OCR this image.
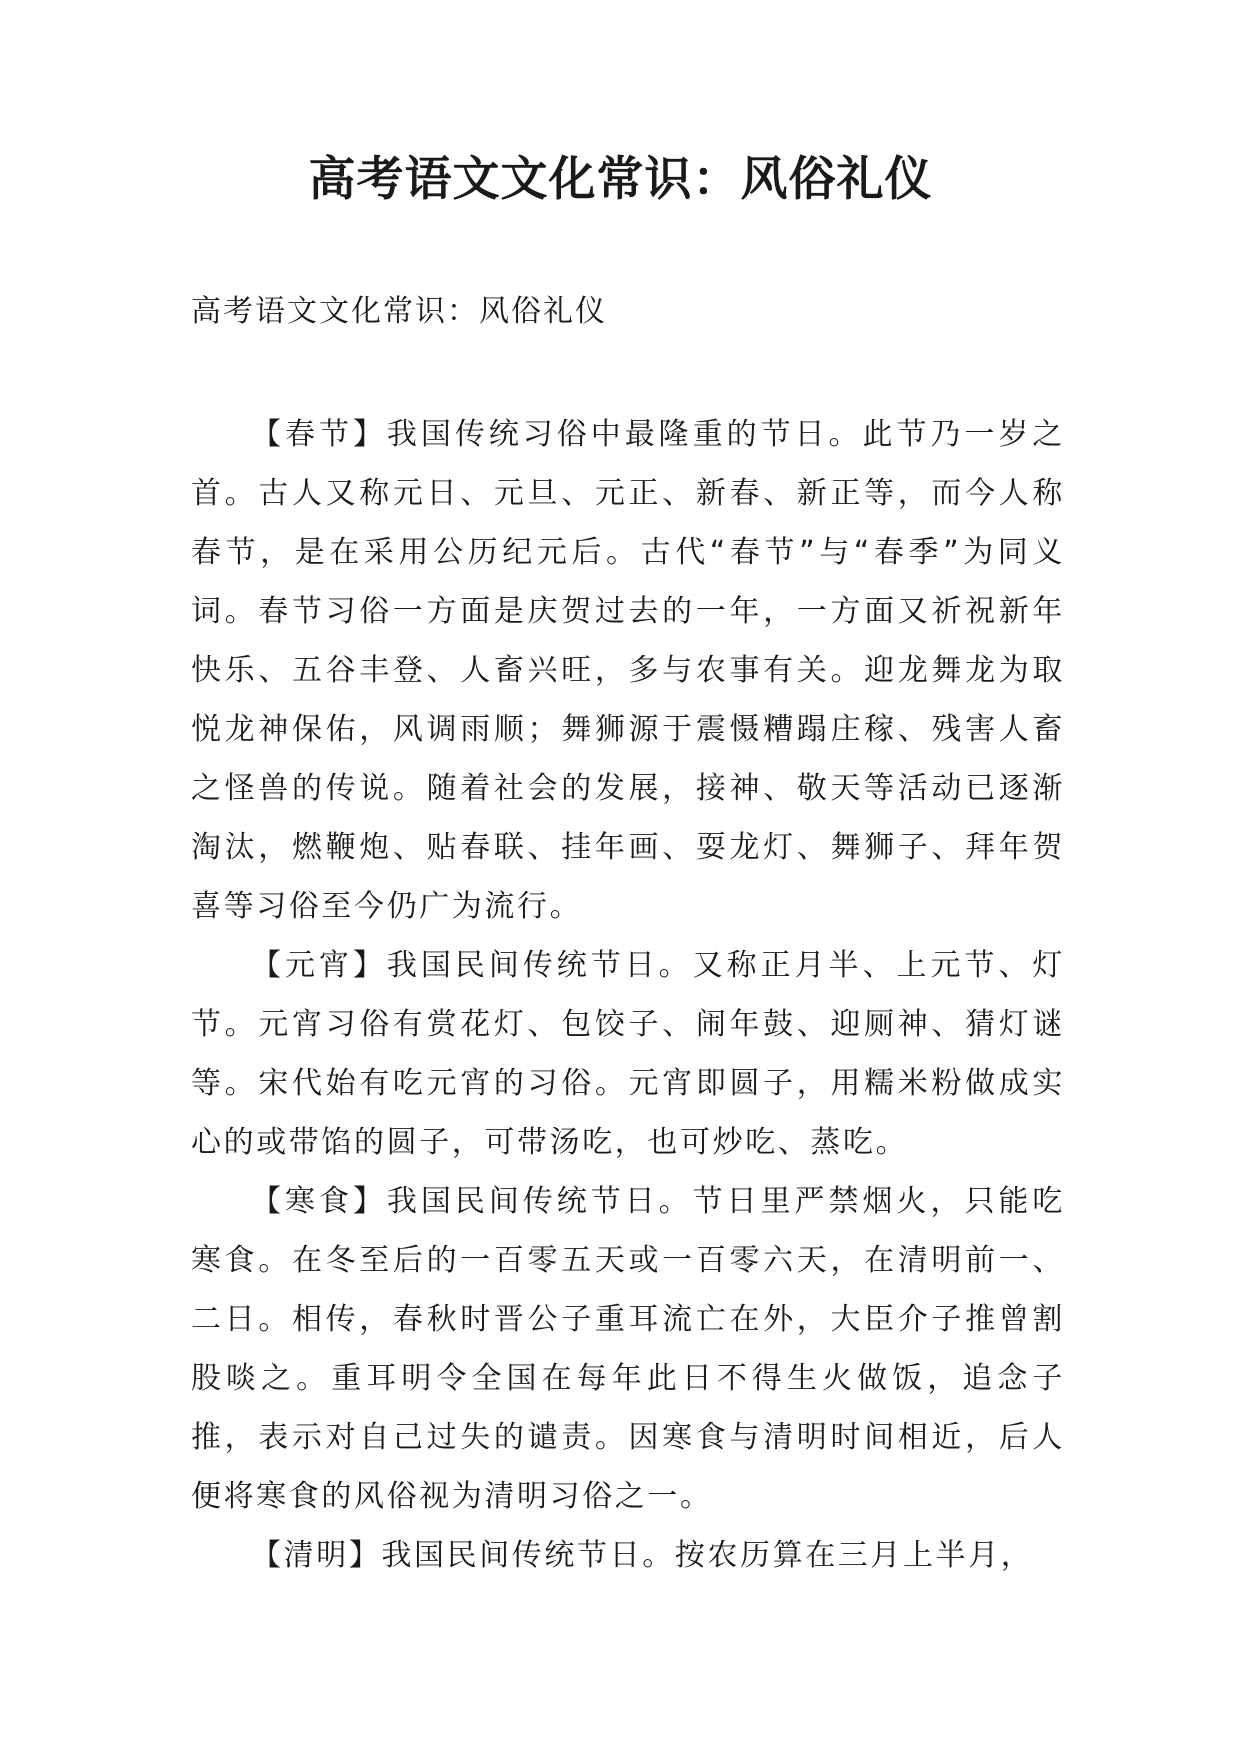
高考语文文化常识：风俗礼仪

高考语文文化常识：风俗礼仪

【春节】我国传统习俗中最隆重的节日。此节乃一岁之首。古人又称元日、元旦、元正、新春、新正等，而今人称春节，是在采用公历纪元后。古代“春节”与“春季”为同义词。春节习俗一方面是庆贺过去的一年，一方面又祈祝新年快乐、五谷丰登、人畜兴旺，多与农事有关。迎龙舞龙为取悦龙神保佑，风调雨顺；舞狮源于震慑糟蹋庄稼、残害人畜之怪兽的传说。随着社会的发展，接神、敬天等活动已逐渐淘汰，燃鞭炮、贴春联、挂年画、耍龙灯、舞狮子、拜年贺喜等习俗至今仍广为流行。

【元宵】我国民间传统节日。又称正月半、上元节、灯节。元宵习俗有赏花灯、包饺子、闹年鼓、迎厕神、猜灯谜等。宋代始有吃元宵的习俗。元宵即圆子，用糯米粉做成实心的或带馅的圆子，可带汤吃，也可炒吃、蒸吃。

【寒食】我国民间传统节日。节日里严禁烟火，只能吃寒食。在冬至后的一百零五天或一百零六天，在清明前一、二日。相传，春秋时晋公子重耳流亡在外，大臣介子推曾割股啖之。重耳明令全国在每年此日不得生火做饭，追念子推，表示对自己过失的谴责。因寒食与清明时间相近，后人便将寒食的风俗视为清明习俗之一。

【清明】我国民间传统节日。按农历算在三月上半月，
